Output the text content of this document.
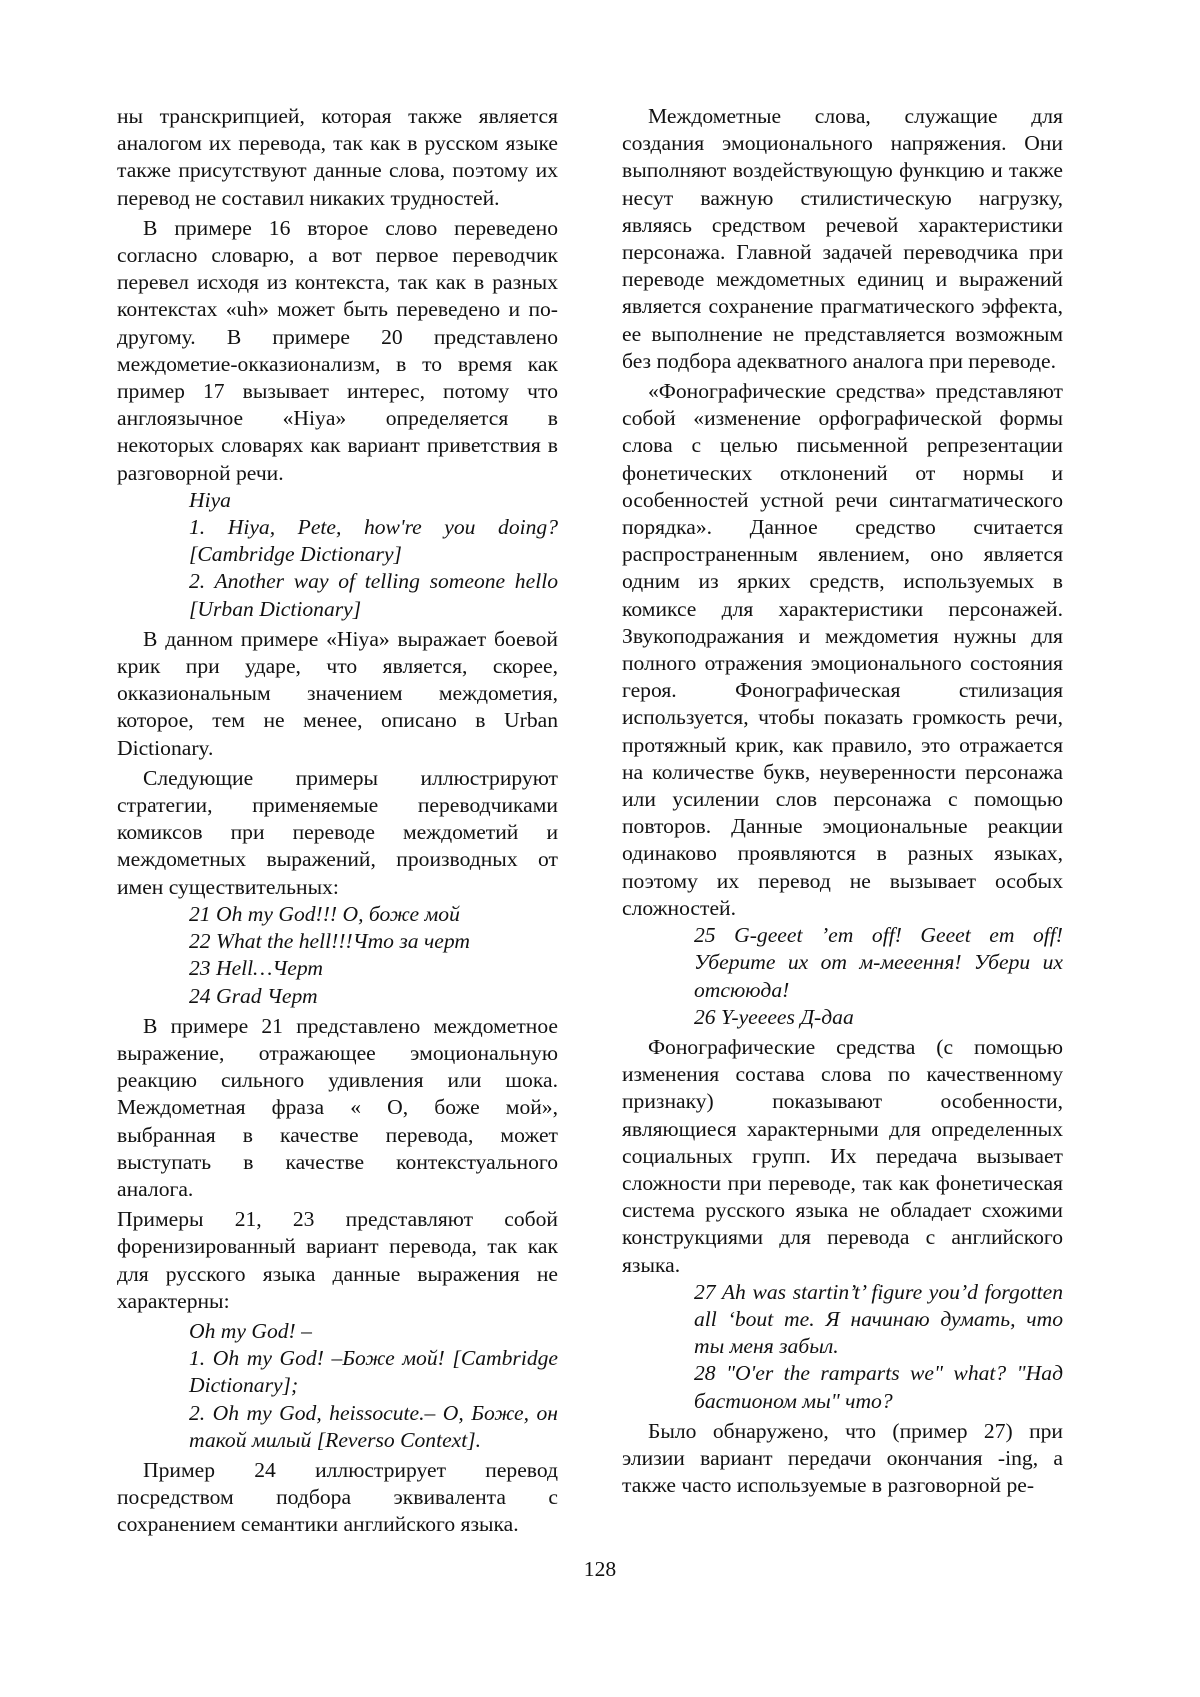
ны транскрипцией, которая также является аналогом их перевода, так как в русском языке также присутствуют данные слова, поэтому их перевод не составил никаких трудностей.

В примере 16 второе слово переведено согласно словарю, а вот первое переводчик перевел исходя из контекста, так как в разных контекстах «uh» может быть переведено и по-другому. В примере 20 представлено междометие-окказионализм, в то время как пример 17 вызывает интерес, потому что англоязычное «Hiya» определяется в некоторых словарях как вариант приветствия в разговорной речи.

Hiya

1. Hiya, Pete, how're you doing? [Cambridge Dictionary]

2. Another way of telling someone hello [Urban Dictionary]

В данном примере «Hiya» выражает боевой крик при ударе, что является, скорее, окказиональным значением междометия, которое, тем не менее, описано в Urban Dictionary.

Следующие примеры иллюстрируют стратегии, применяемые переводчиками комиксов при переводе междометий и междометных выражений, производных от имен существительных:

21 Oh my God!!! О, боже мой

22 What the hell!!!Что за черт

23 Hell…Черт

24 Grad Черт

В примере 21 представлено междометное выражение, отражающее эмоциональную реакцию сильного удивления или шока. Междометная фраза « О, боже мой», выбранная в качестве перевода, может выступать в качестве контекстуального аналога.

Примеры 21, 23 представляют собой форенизированный вариант перевода, так как для русского языка данные выражения не характерны:

Oh my God! –

1. Oh my God! –Боже мой! [Cambridge Dictionary];

2. Oh my God, heissocute.– О, Боже, он такой милый [Reverso Context].

Пример 24 иллюстрирует перевод посредством подбора эквивалента с сохранением семантики английского языка.

Междометные слова, служащие для создания эмоционального напряжения. Они выполняют воздействующую функцию и также несут важную стилистическую нагрузку, являясь средством речевой характеристики персонажа. Главной задачей переводчика при переводе междометных единиц и выражений является сохранение прагматического эффекта, ее выполнение не представляется возможным без подбора адекватного аналога при переводе.

«Фонографические средства» представляют собой «изменение орфографической формы слова с целью письменной репрезентации фонетических отклонений от нормы и особенностей устной речи синтагматического порядка». Данное средство считается распространенным явлением, оно является одним из ярких средств, используемых в комиксе для характеристики персонажей. Звукоподражания и междометия нужны для полного отражения эмоционального состояния героя. Фонографическая стилизация используется, чтобы показать громкость речи, протяжный крик, как правило, это отражается на количестве букв, неуверенности персонажа или усилении слов персонажа с помощью повторов. Данные эмоциональные реакции одинаково проявляются в разных языках, поэтому их перевод не вызывает особых сложностей.

25 G-geeet ’em off! Geeet em off! Уберите их от м-мееення! Убери их отсююда!

26 Y-yeeees Д-даа

Фонографические средства (с помощью изменения состава слова по качественному признаку) показывают особенности, являющиеся характерными для определенных социальных групп. Их передача вызывает сложности при переводе, так как фонетическая система русского языка не обладает схожими конструкциями для перевода с английского языка.

27 Ah was startin’t’ figure you’d forgotten all ‘bout me. Я начинаю думать, что ты меня забыл.

28 "O'er the ramparts we" what? "Над бастионом мы" что?

Было обнаружено, что (пример 27) при элизии вариант передачи окончания -ing, а также часто используемые в разговорной ре-

128
